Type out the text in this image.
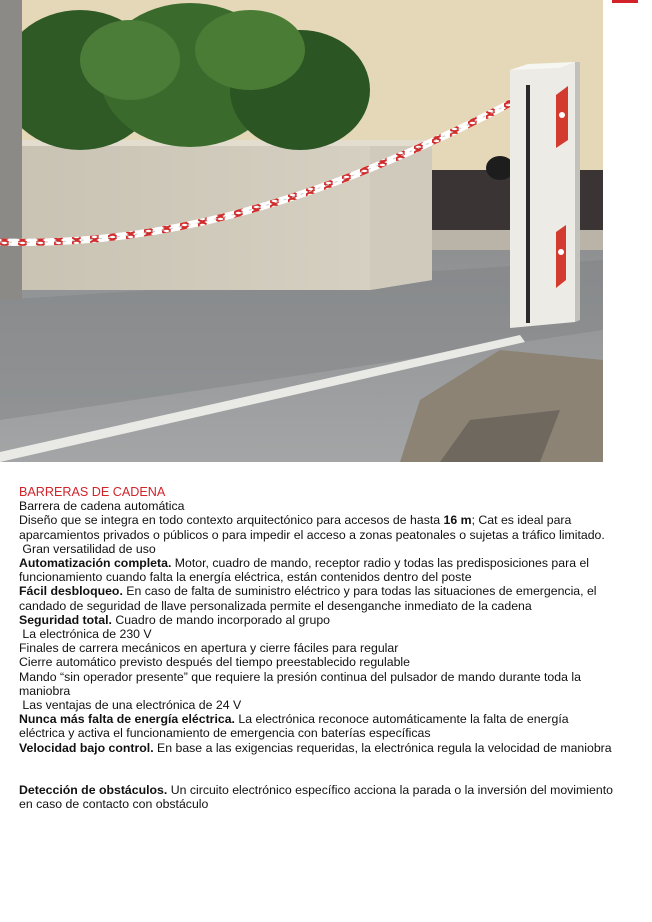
BARRERAS DE CADENA

Barrera de cadena automática

Diseño que se integra en todo contexto arquitectónico para accesos de hasta 16 m; Cat es ideal para aparcamientos privados o públicos o para impedir el acceso a zonas peatonales o sujetas a tráfico limitado.

Gran versatilidad de uso

Automatización completa. Motor, cuadro de mando, receptor radio y todas las predisposiciones para el funcionamiento cuando falta la energía eléctrica, están contenidos dentro del poste

Fácil desbloqueo. En caso de falta de suministro eléctrico y para todas las situaciones de emergencia, el candado de seguridad de llave personalizada permite el desenganche inmediato de la cadena

Seguridad total. Cuadro de mando incorporado al grupo

La electrónica de 230 V

Finales de carrera mecánicos en apertura y cierre fáciles para regular

Cierre automático previsto después del tiempo preestablecido regulable

Mando “sin operador presente” que requiere la presión continua del pulsador de mando durante toda la maniobra

Las ventajas de una electrónica de 24 V

Nunca más falta de energía eléctrica. La electrónica reconoce automáticamente la falta de energía eléctrica y activa el funcionamiento de emergencia con baterías específicas

Velocidad bajo control. En base a las exigencias requeridas, la electrónica regula la velocidad de maniobra

Detección de obstáculos. Un circuito electrónico específico acciona la parada o la inversión del movimiento en caso de contacto con obstáculo
